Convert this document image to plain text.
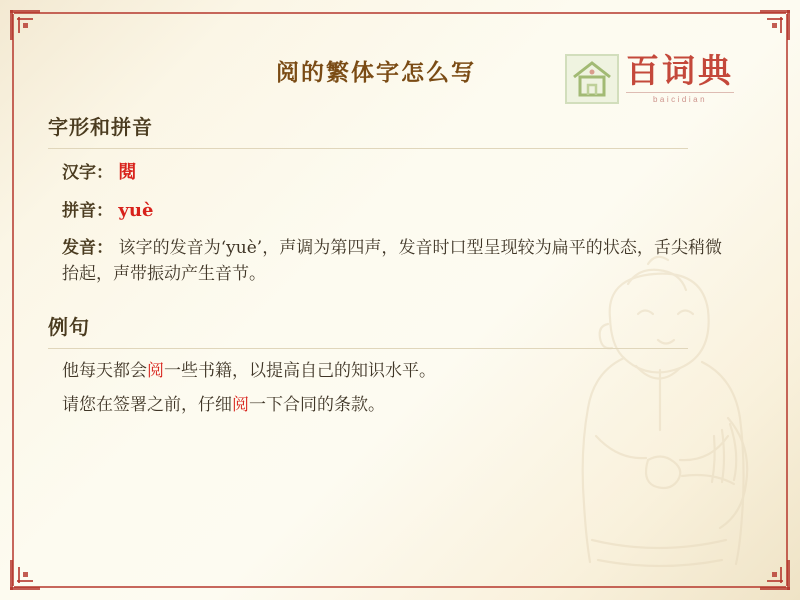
百词典
baicidian
阅的繁体字怎么写
字形和拼音
汉字： 閱
拼音： yuè
发音： 该字的发音为‘yuè’，声调为第四声，发音时口型呈现较为扁平的状态，舌尖稍微抬起，声带振动产生音节。
例句
他每天都会阅一些书籍，以提高自己的知识水平。
请您在签署之前，仔细阅一下合同的条款。
